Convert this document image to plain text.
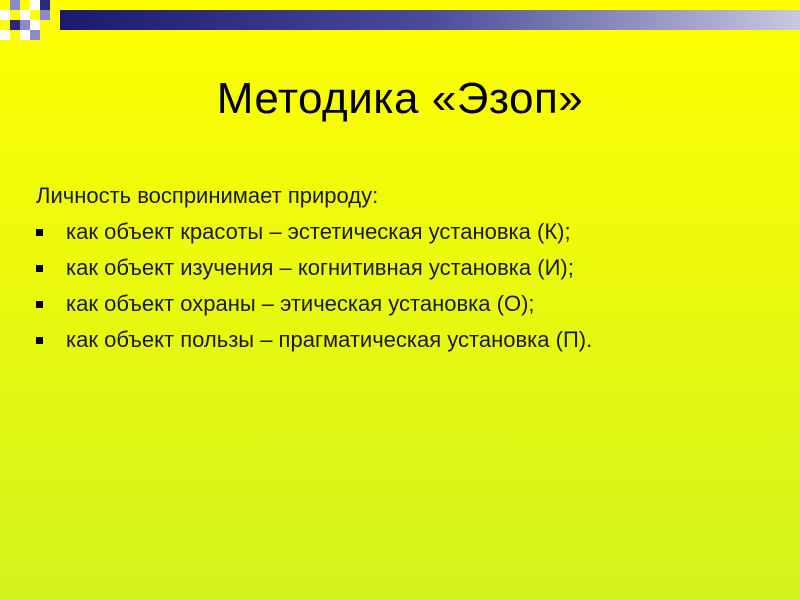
Методика «Эзоп»

Личность воспринимает природу:

как объект красоты – эстетическая установка (К);
как объект изучения – когнитивная установка (И);
как объект охраны – этическая установка (О);
как объект пользы – прагматическая установка (П).
